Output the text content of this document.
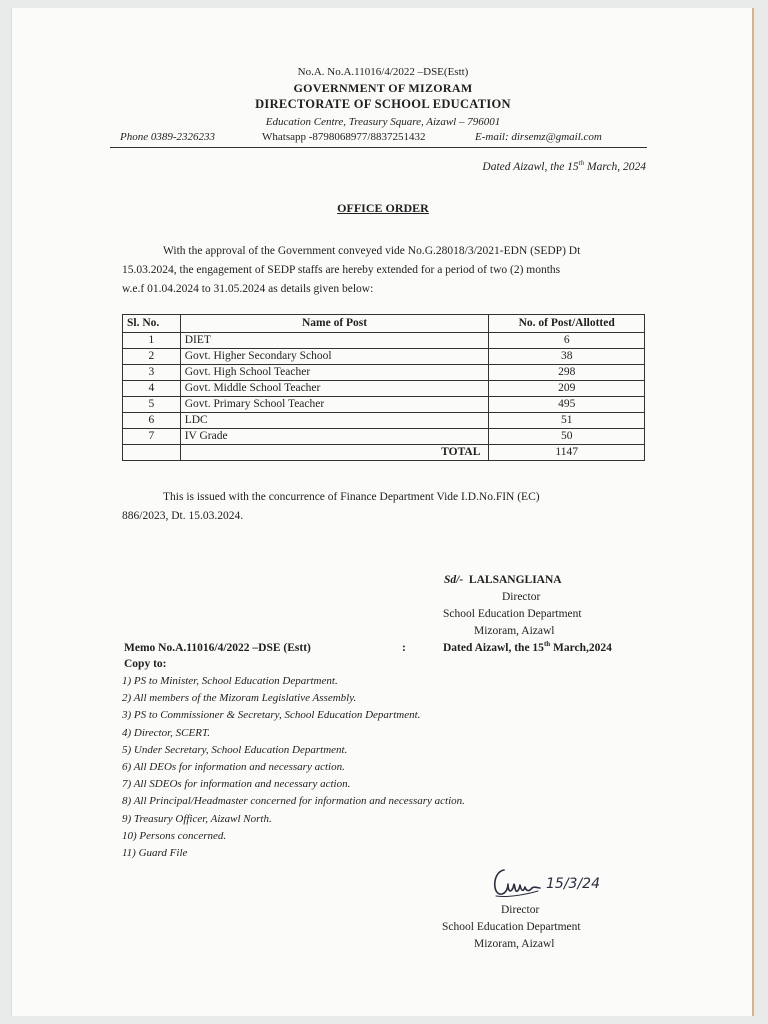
No.A. No.A.11016/4/2022 –DSE(Estt)
GOVERNMENT OF MIZORAM
DIRECTORATE OF SCHOOL EDUCATION
Education Centre, Treasury Square, Aizawl – 796001
Phone 0389-2326233	Whatsapp -8798068977/8837251432	E-mail: dirsemz@gmail.com
Dated Aizawl, the 15th March, 2024
OFFICE ORDER
With the approval of the Government conveyed vide No.G.28018/3/2021-EDN (SEDP) Dt
15.03.2024, the engagement of SEDP staffs are hereby extended for a period of two (2) months
w.e.f 01.04.2024 to 31.05.2024 as details given below:
Sl. No.	Name of Post	No. of Post/Allotted
1	DIET	6
2	Govt. Higher Secondary School	38
3	Govt. High School Teacher	298
4	Govt. Middle School Teacher	209
5	Govt. Primary School Teacher	495
6	LDC	51
7	IV Grade	50
	TOTAL	1147
This is issued with the concurrence of Finance Department Vide I.D.No.FIN (EC)
886/2023, Dt. 15.03.2024.
Sd/- LALSANGLIANA
Director
School Education Department
Mizoram, Aizawl
Memo No.A.11016/4/2022 –DSE (Estt)	:	Dated Aizawl, the 15th March,2024
Copy to:
1) PS to Minister, School Education Department.
2) All members of the Mizoram Legislative Assembly.
3) PS to Commissioner & Secretary, School Education Department.
4) Director, SCERT.
5) Under Secretary, School Education Department.
6) All DEOs for information and necessary action.
7) All SDEOs for information and necessary action.
8) All Principal/Headmaster concerned for information and necessary action.
9) Treasury Officer, Aizawl North.
10) Persons concerned.
11) Guard File
15/3/24
Director
School Education Department
Mizoram, Aizawl
